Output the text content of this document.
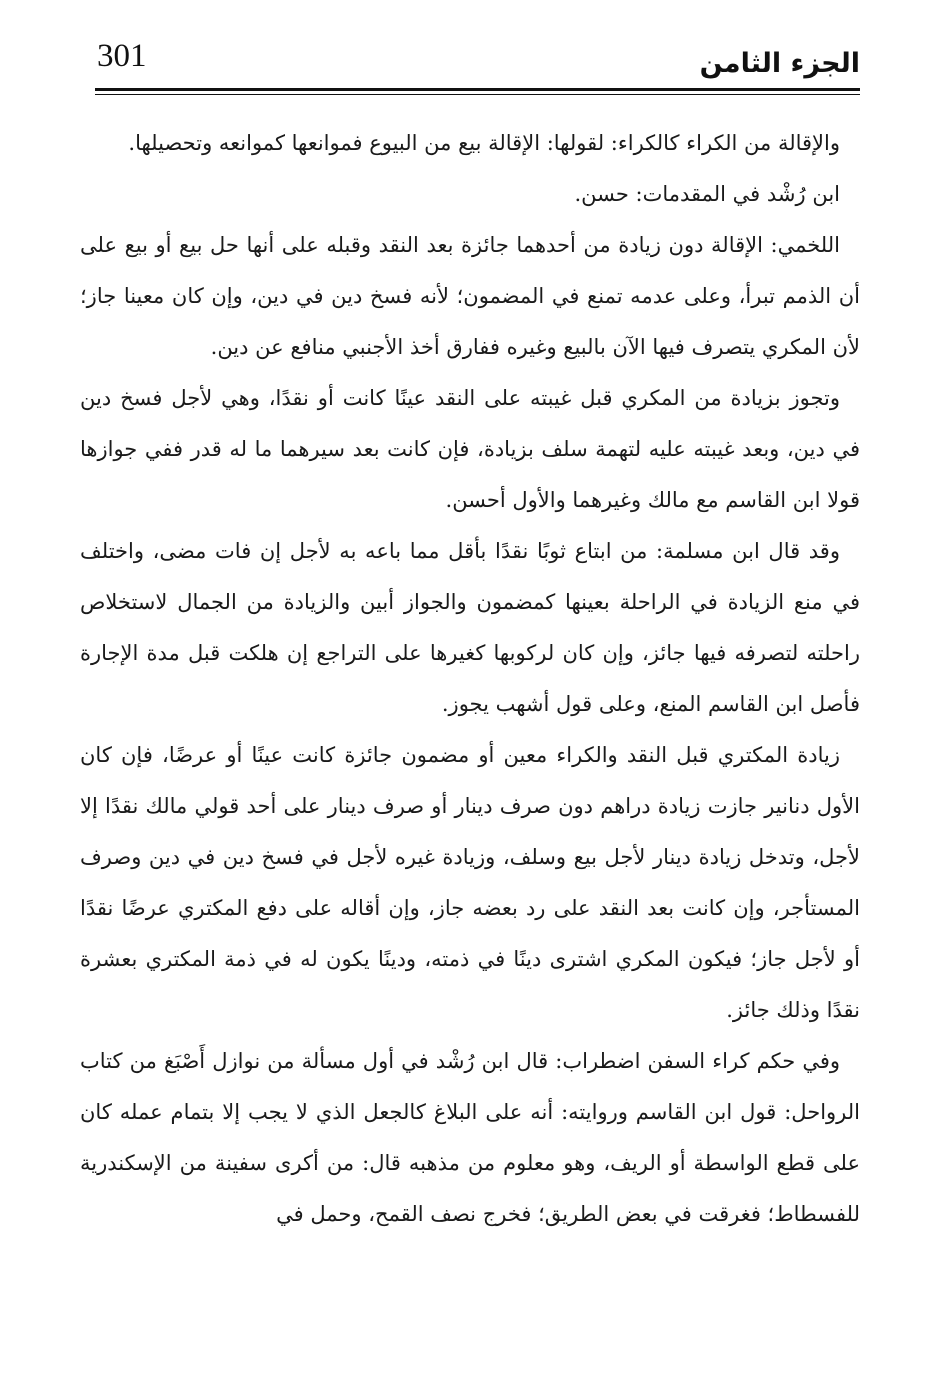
301	الجزء الثامن

والإقالة من الكراء كالكراء: لقولها: الإقالة بيع من البيوع فموانعها كموانعه وتحصيلها.

ابن رُشْد في المقدمات: حسن.

اللخمي: الإقالة دون زيادة من أحدهما جائزة بعد النقد وقبله على أنها حل بيع أو بيع على أن الذمم تبرأ، وعلى عدمه تمنع في المضمون؛ لأنه فسخ دين في دين، وإن كان معينا جاز؛ لأن المكري يتصرف فيها الآن بالبيع وغيره ففارق أخذ الأجنبي منافع عن دين.

وتجوز بزيادة من المكري قبل غيبته على النقد عينًا كانت أو نقدًا، وهي لأجل فسخ دين في دين، وبعد غيبته عليه لتهمة سلف بزيادة، فإن كانت بعد سيرهما ما له قدر ففي جوازها قولا ابن القاسم مع مالك وغيرهما والأول أحسن.

وقد قال ابن مسلمة: من ابتاع ثوبًا نقدًا بأقل مما باعه به لأجل إن فات مضى، واختلف في منع الزيادة في الراحلة بعينها كمضمون والجواز أبين والزيادة من الجمال لاستخلاص راحلته لتصرفه فيها جائز، وإن كان لركوبها كغيرها على التراجع إن هلكت قبل مدة الإجارة فأصل ابن القاسم المنع، وعلى قول أشهب يجوز.

زيادة المكتري قبل النقد والكراء معين أو مضمون جائزة كانت عينًا أو عرضًا، فإن كان الأول دنانير جازت زيادة دراهم دون صرف دينار أو صرف دينار على أحد قولي مالك نقدًا إلا لأجل، وتدخل زيادة دينار لأجل بيع وسلف، وزيادة غيره لأجل في فسخ دين في دين وصرف المستأجر، وإن كانت بعد النقد على رد بعضه جاز، وإن أقاله على دفع المكتري عرضًا نقدًا أو لأجل جاز؛ فيكون المكري اشترى دينًا في ذمته، ودينًا يكون له في ذمة المكتري بعشرة نقدًا وذلك جائز.

وفي حكم كراء السفن اضطراب: قال ابن رُشْد في أول مسألة من نوازل أَصْبَغ من كتاب الرواحل: قول ابن القاسم وروايته: أنه على البلاغ كالجعل الذي لا يجب إلا بتمام عمله كان على قطع الواسطة أو الريف، وهو معلوم من مذهبه قال: من أكرى سفينة من الإسكندرية للفسطاط؛ فغرقت في بعض الطريق؛ فخرج نصف القمح، وحمل في
